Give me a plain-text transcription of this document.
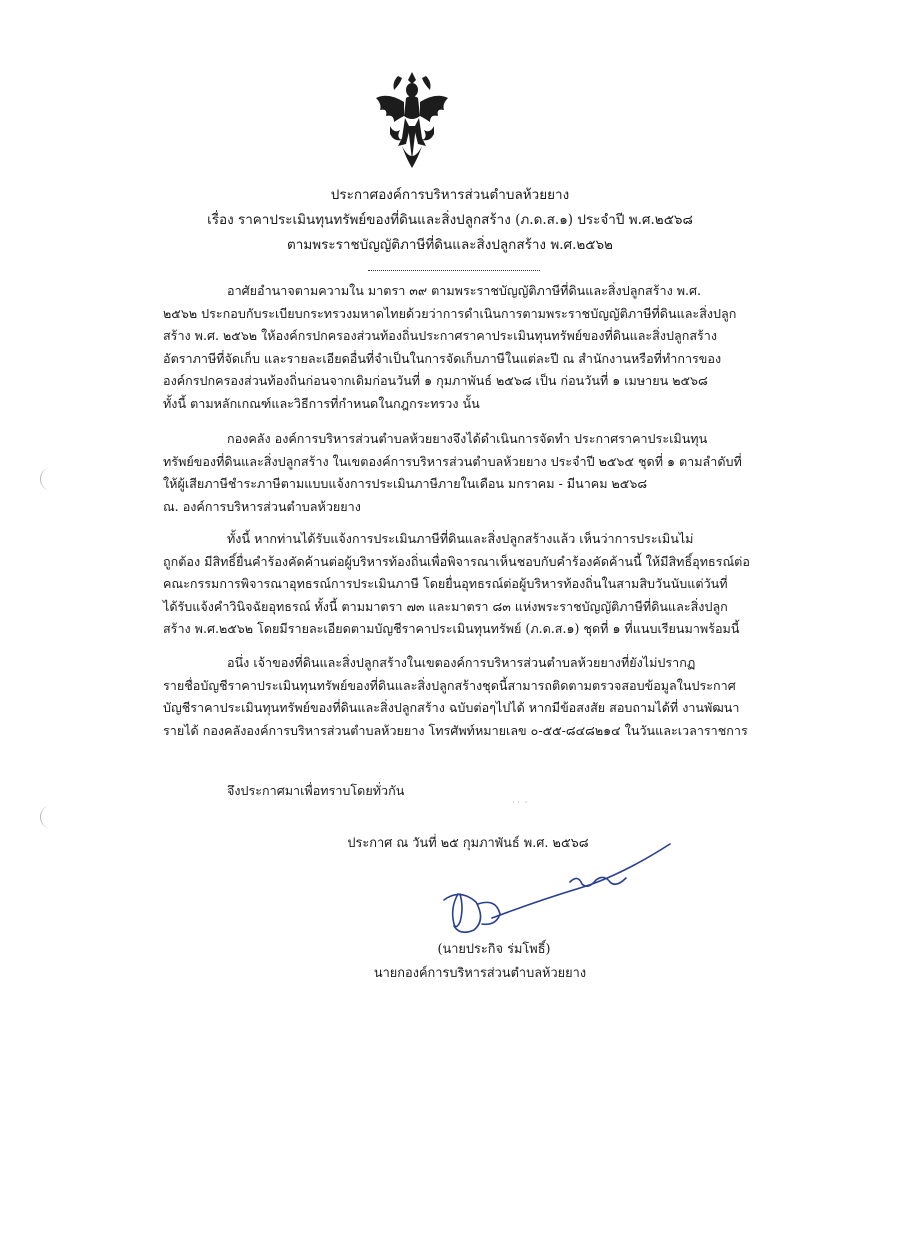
ประกาศองค์การบริหารส่วนตำบลห้วยยาง
เรื่อง ราคาประเมินทุนทรัพย์ของที่ดินและสิ่งปลูกสร้าง (ภ.ด.ส.๑) ประจำปี พ.ศ.๒๕๖๘
ตามพระราชบัญญัติภาษีที่ดินและสิ่งปลูกสร้าง พ.ศ.๒๕๖๒

อาศัยอำนาจตามความใน มาตรา ๓๙ ตามพระราชบัญญัติภาษีที่ดินและสิ่งปลูกสร้าง พ.ศ.

๒๕๖๒ ประกอบกับระเบียบกระทรวงมหาดไทยด้วยว่าการดำเนินการตามพระราชบัญญัติภาษีที่ดินและสิ่งปลูก

สร้าง พ.ศ. ๒๕๖๒ ให้องค์กรปกครองส่วนท้องถิ่นประกาศราคาประเมินทุนทรัพย์ของที่ดินและสิ่งปลูกสร้าง

อัตราภาษีที่จัดเก็บ และรายละเอียดอื่นที่จำเป็นในการจัดเก็บภาษีในแต่ละปี ณ สำนักงานหรือที่ทำการของ

องค์กรปกครองส่วนท้องถิ่นก่อนจากเดิมก่อนวันที่ ๑ กุมภาพันธ์ ๒๕๖๘ เป็น ก่อนวันที่ ๑ เมษายน ๒๕๖๘

ทั้งนี้ ตามหลักเกณฑ์และวิธีการที่กำหนดในกฎกระทรวง นั้น

กองคลัง องค์การบริหารส่วนตำบลห้วยยางจึงได้ดำเนินการจัดทำ ประกาศราคาประเมินทุน

ทรัพย์ของที่ดินและสิ่งปลูกสร้าง ในเขตองค์การบริหารส่วนตำบลห้วยยาง ประจำปี ๒๕๖๕ ชุดที่ ๑ ตามลำดับที่

ให้ผู้เสียภาษีชำระภาษีตามแบบแจ้งการประเมินภาษีภายในเดือน มกราคม - มีนาคม ๒๕๖๘

ณ. องค์การบริหารส่วนตำบลห้วยยาง

ทั้งนี้ หากท่านได้รับแจ้งการประเมินภาษีที่ดินและสิ่งปลูกสร้างแล้ว เห็นว่าการประเมินไม่

ถูกต้อง มีสิทธิ์ยื่นคำร้องคัดค้านต่อผู้บริหารท้องถิ่นเพื่อพิจารณาเห็นชอบกับคำร้องคัดค้านนี้ ให้มีสิทธิ์อุทธรณ์ต่อ

คณะกรรมการพิจารณาอุทธรณ์การประเมินภาษี โดยยื่นอุทธรณ์ต่อผู้บริหารท้องถิ่นในสามสิบวันนับแต่วันที่

ได้รับแจ้งคำวินิจฉัยอุทธรณ์ ทั้งนี้ ตามมาตรา ๗๓ และมาตรา ๘๓ แห่งพระราชบัญญัติภาษีที่ดินและสิ่งปลูก

สร้าง พ.ศ.๒๕๖๒ โดยมีรายละเอียดตามบัญชีราคาประเมินทุนทรัพย์ (ภ.ด.ส.๑) ชุดที่ ๑ ที่แนบเรียนมาพร้อมนี้

อนึ่ง เจ้าของที่ดินและสิ่งปลูกสร้างในเขตองค์การบริหารส่วนตำบลห้วยยางที่ยังไม่ปรากฏ

รายชื่อบัญชีราคาประเมินทุนทรัพย์ของที่ดินและสิ่งปลูกสร้างชุดนี้สามารถติดตามตรวจสอบข้อมูลในประกาศ

บัญชีราคาประเมินทุนทรัพย์ของที่ดินและสิ่งปลูกสร้าง ฉบับต่อๆไปได้ หากมีข้อสงสัย สอบถามได้ที่ งานพัฒนา

รายได้ กองคลังองค์การบริหารส่วนตำบลห้วยยาง โทรศัพท์หมายเลข ๐-๕๕-๘๔๘๒๑๔ ในวันและเวลาราชการ

จึงประกาศมาเพื่อทราบโดยทั่วกัน

ประกาศ ณ วันที่ ๒๕ กุมภาพันธ์ พ.ศ. ๒๕๖๘
(นายประกิจ ร่มโพธิ์)
นายกองค์การบริหารส่วนตำบลห้วยยาง
· ·  ·
